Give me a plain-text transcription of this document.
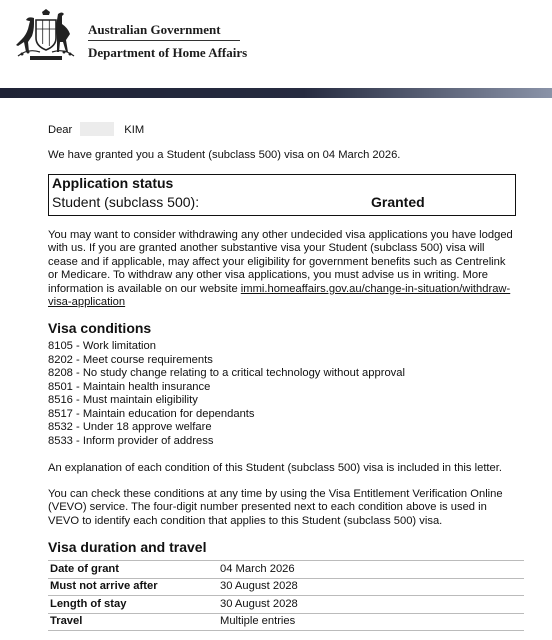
Australian Government
Department of Home Affairs
Dear	KIM
We have granted you a Student (subclass 500) visa on 04 March 2026.
Application status
Student (subclass 500):	Granted
You may want to consider withdrawing any other undecided visa applications you have lodged with us. If you are granted another substantive visa your Student (subclass 500) visa will cease and if applicable, may affect your eligibility for government benefits such as Centrelink or Medicare. To withdraw any other visa applications, you must advise us in writing. More information is available on our website immi.homeaffairs.gov.au/change-in-situation/withdraw-visa-application
Visa conditions
8105 - Work limitation
8202 - Meet course requirements
8208 - No study change relating to a critical technology without approval
8501 - Maintain health insurance
8516 - Must maintain eligibility
8517 - Maintain education for dependants
8532 - Under 18 approve welfare
8533 - Inform provider of address
An explanation of each condition of this Student (subclass 500) visa is included in this letter.
You can check these conditions at any time by using the Visa Entitlement Verification Online (VEVO) service. The four-digit number presented next to each condition above is used in VEVO to identify each condition that applies to this Student (subclass 500) visa.
Visa duration and travel
Date of grant	04 March 2026
Must not arrive after	30 August 2028
Length of stay	30 August 2028
Travel	Multiple entries
